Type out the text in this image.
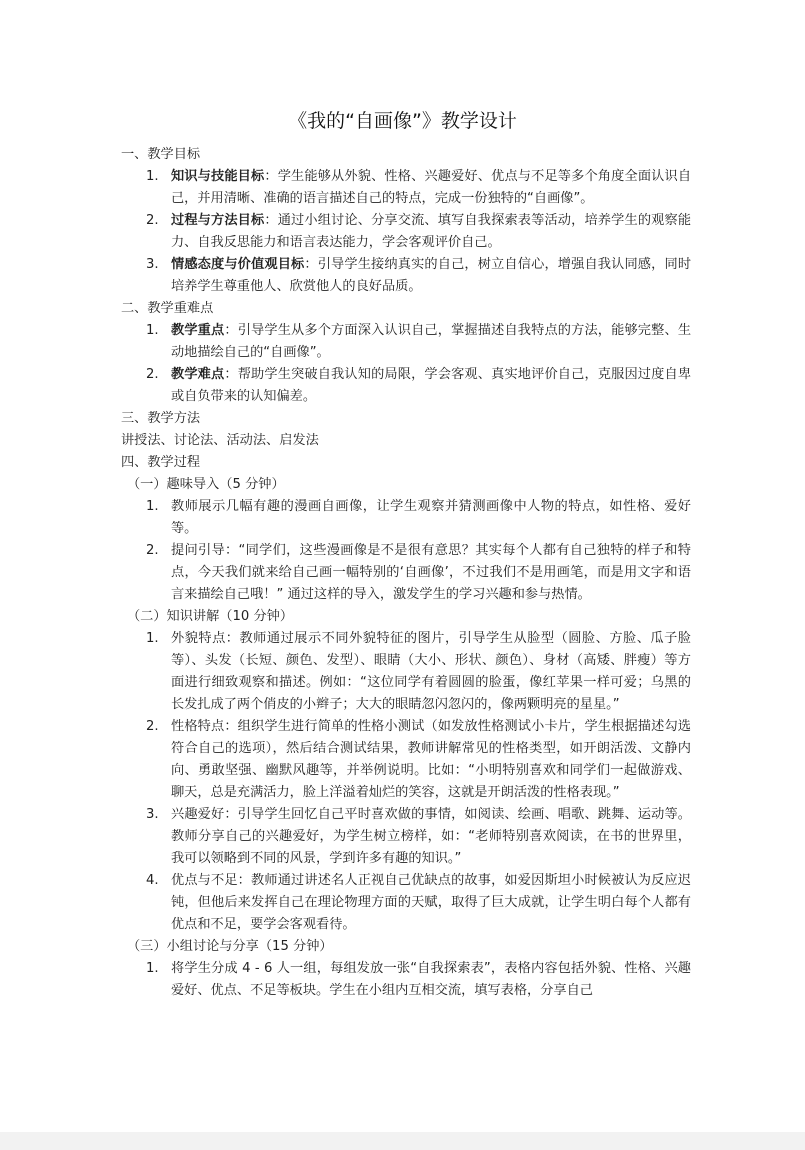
《我的“自画像”》教学设计

一、教学目标

1. 知识与技能目标：学生能够从外貌、性格、兴趣爱好、优点与不足等多个角度全面认识自己，并用清晰、准确的语言描述自己的特点，完成一份独特的“自画像”。

2. 过程与方法目标：通过小组讨论、分享交流、填写自我探索表等活动，培养学生的观察能力、自我反思能力和语言表达能力，学会客观评价自己。

3. 情感态度与价值观目标：引导学生接纳真实的自己，树立自信心，增强自我认同感，同时培养学生尊重他人、欣赏他人的良好品质。

二、教学重难点

1. 教学重点：引导学生从多个方面深入认识自己，掌握描述自我特点的方法，能够完整、生动地描绘自己的“自画像”。

2. 教学难点：帮助学生突破自我认知的局限，学会客观、真实地评价自己，克服因过度自卑或自负带来的认知偏差。

三、教学方法

讲授法、讨论法、活动法、启发法

四、教学过程

（一）趣味导入（5 分钟）

1. 教师展示几幅有趣的漫画自画像，让学生观察并猜测画像中人物的特点，如性格、爱好等。

2. 提问引导：“同学们，这些漫画像是不是很有意思？其实每个人都有自己独特的样子和特点，今天我们就来给自己画一幅特别的‘自画像’，不过我们不是用画笔，而是用文字和语言来描绘自己哦！” 通过这样的导入，激发学生的学习兴趣和参与热情。

（二）知识讲解（10 分钟）

1. 外貌特点：教师通过展示不同外貌特征的图片，引导学生从脸型（圆脸、方脸、瓜子脸等）、头发（长短、颜色、发型）、眼睛（大小、形状、颜色）、身材（高矮、胖瘦）等方面进行细致观察和描述。例如：“这位同学有着圆圆的脸蛋，像红苹果一样可爱；乌黑的长发扎成了两个俏皮的小辫子；大大的眼睛忽闪忽闪的，像两颗明亮的星星。”

2. 性格特点：组织学生进行简单的性格小测试（如发放性格测试小卡片，学生根据描述勾选符合自己的选项），然后结合测试结果，教师讲解常见的性格类型，如开朗活泼、文静内向、勇敢坚强、幽默风趣等，并举例说明。比如：“小明特别喜欢和同学们一起做游戏、聊天，总是充满活力，脸上洋溢着灿烂的笑容，这就是开朗活泼的性格表现。”

3. 兴趣爱好：引导学生回忆自己平时喜欢做的事情，如阅读、绘画、唱歌、跳舞、运动等。教师分享自己的兴趣爱好，为学生树立榜样，如：“老师特别喜欢阅读，在书的世界里，我可以领略到不同的风景，学到许多有趣的知识。”

4. 优点与不足：教师通过讲述名人正视自己优缺点的故事，如爱因斯坦小时候被认为反应迟钝，但他后来发挥自己在理论物理方面的天赋，取得了巨大成就，让学生明白每个人都有优点和不足，要学会客观看待。

（三）小组讨论与分享（15 分钟）

1. 将学生分成 4 - 6 人一组，每组发放一张“自我探索表”，表格内容包括外貌、性格、兴趣爱好、优点、不足等板块。学生在小组内互相交流，填写表格，分享自己
